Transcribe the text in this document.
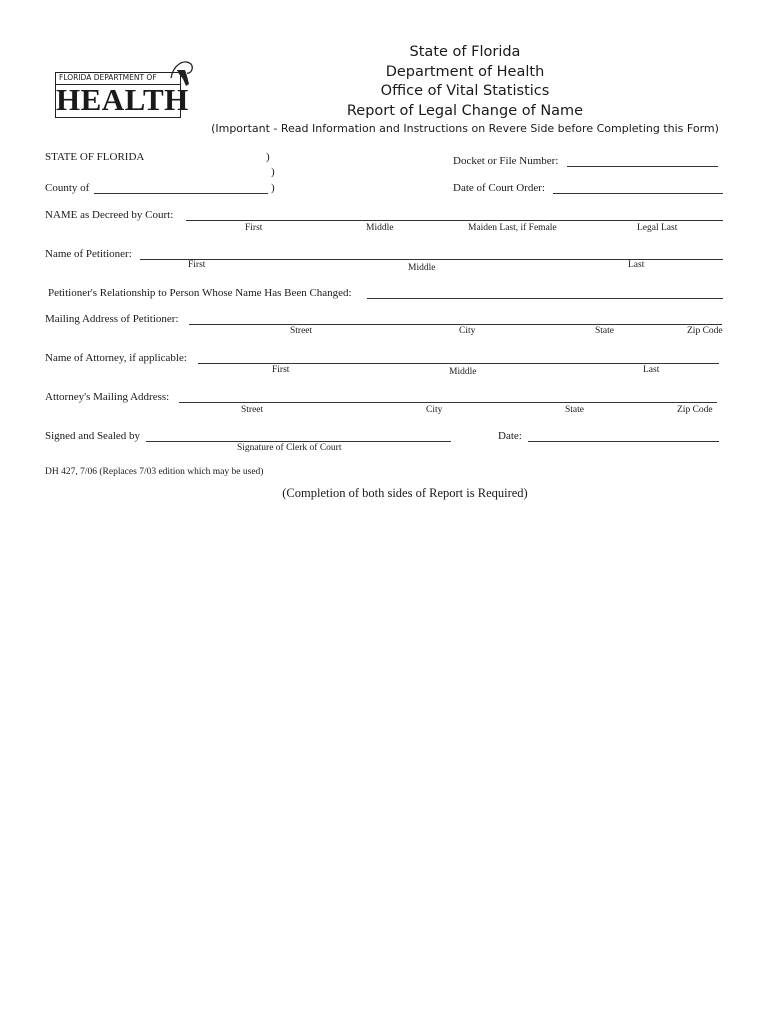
FLORIDA DEPARTMENT OF
HEALTH
State of Florida
Department of Health
Office of Vital Statistics
Report of Legal Change of Name
(Important - Read Information and Instructions on Revere Side before Completing this Form)
STATE OF FLORIDA	)
)
County of	)
Docket or File Number:
Date of Court Order:
NAME as Decreed by Court:
First	Middle	Maiden Last, if Female	Legal Last
Name of Petitioner:
First	Middle	Last
Petitioner's Relationship to Person Whose Name Has Been Changed:
Mailing Address of Petitioner:
Street	City	State	Zip Code
Name of Attorney, if applicable:
First	Middle	Last
Attorney's Mailing Address:
Street	City	State	Zip Code
Signed and Sealed by
Signature of Clerk of Court
Date:
DH 427, 7/06 (Replaces 7/03 edition which may be used)
(Completion of both sides of Report is Required)
